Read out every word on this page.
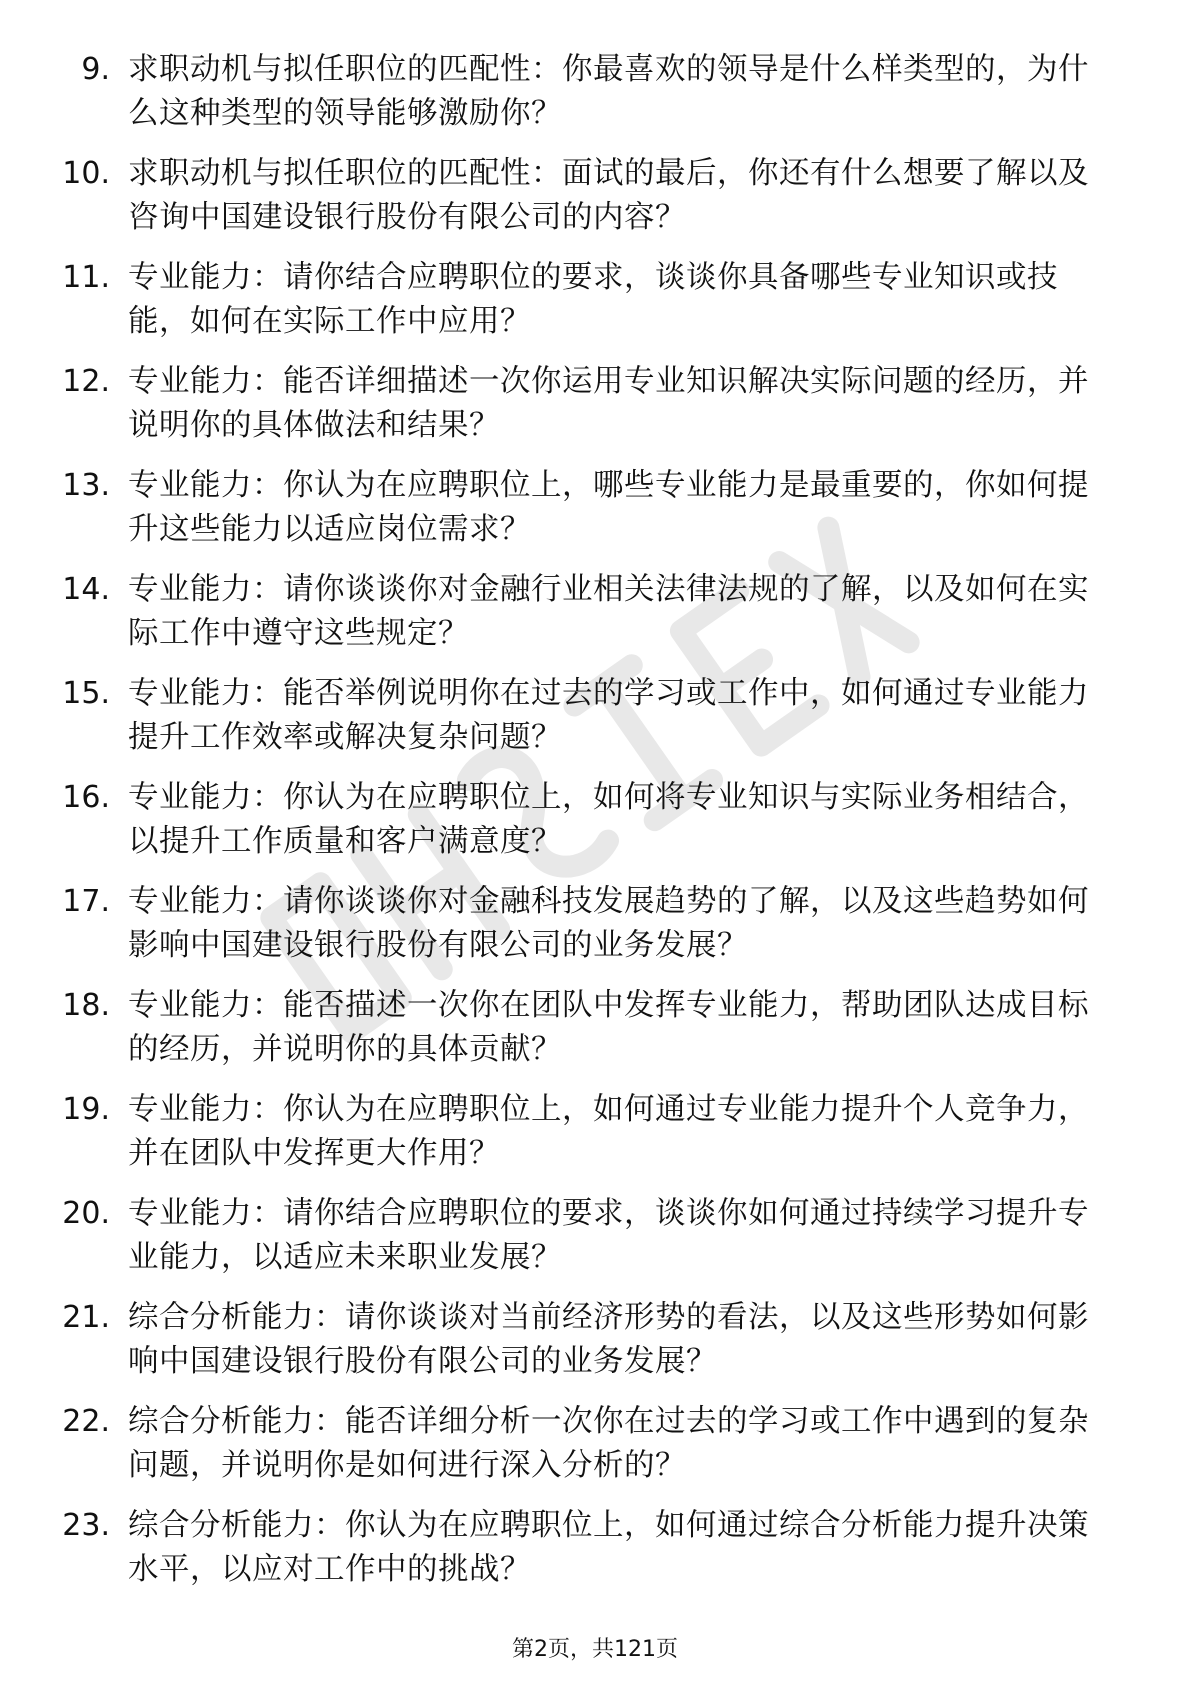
9. 求职动机与拟任职位的匹配性：你最喜欢的领导是什么样类型的，为什么这种类型的领导能够激励你？
10. 求职动机与拟任职位的匹配性：面试的最后，你还有什么想要了解以及咨询中国建设银行股份有限公司的内容？
11. 专业能力：请你结合应聘职位的要求，谈谈你具备哪些专业知识或技能，如何在实际工作中应用？
12. 专业能力：能否详细描述一次你运用专业知识解决实际问题的经历，并说明你的具体做法和结果？
13. 专业能力：你认为在应聘职位上，哪些专业能力是最重要的，你如何提升这些能力以适应岗位需求？
14. 专业能力：请你谈谈你对金融行业相关法律法规的了解，以及如何在实际工作中遵守这些规定？
15. 专业能力：能否举例说明你在过去的学习或工作中，如何通过专业能力提升工作效率或解决复杂问题？
16. 专业能力：你认为在应聘职位上，如何将专业知识与实际业务相结合，以提升工作质量和客户满意度？
17. 专业能力：请你谈谈你对金融科技发展趋势的了解，以及这些趋势如何影响中国建设银行股份有限公司的业务发展？
18. 专业能力：能否描述一次你在团队中发挥专业能力，帮助团队达成目标的经历，并说明你的具体贡献？
19. 专业能力：你认为在应聘职位上，如何通过专业能力提升个人竞争力，并在团队中发挥更大作用？
20. 专业能力：请你结合应聘职位的要求，谈谈你如何通过持续学习提升专业能力，以适应未来职业发展？
21. 综合分析能力：请你谈谈对当前经济形势的看法，以及这些形势如何影响中国建设银行股份有限公司的业务发展？
22. 综合分析能力：能否详细分析一次你在过去的学习或工作中遇到的复杂问题，并说明你是如何进行深入分析的？
23. 综合分析能力：你认为在应聘职位上，如何通过综合分析能力提升决策水平，以应对工作中的挑战？
第2页，共121页
